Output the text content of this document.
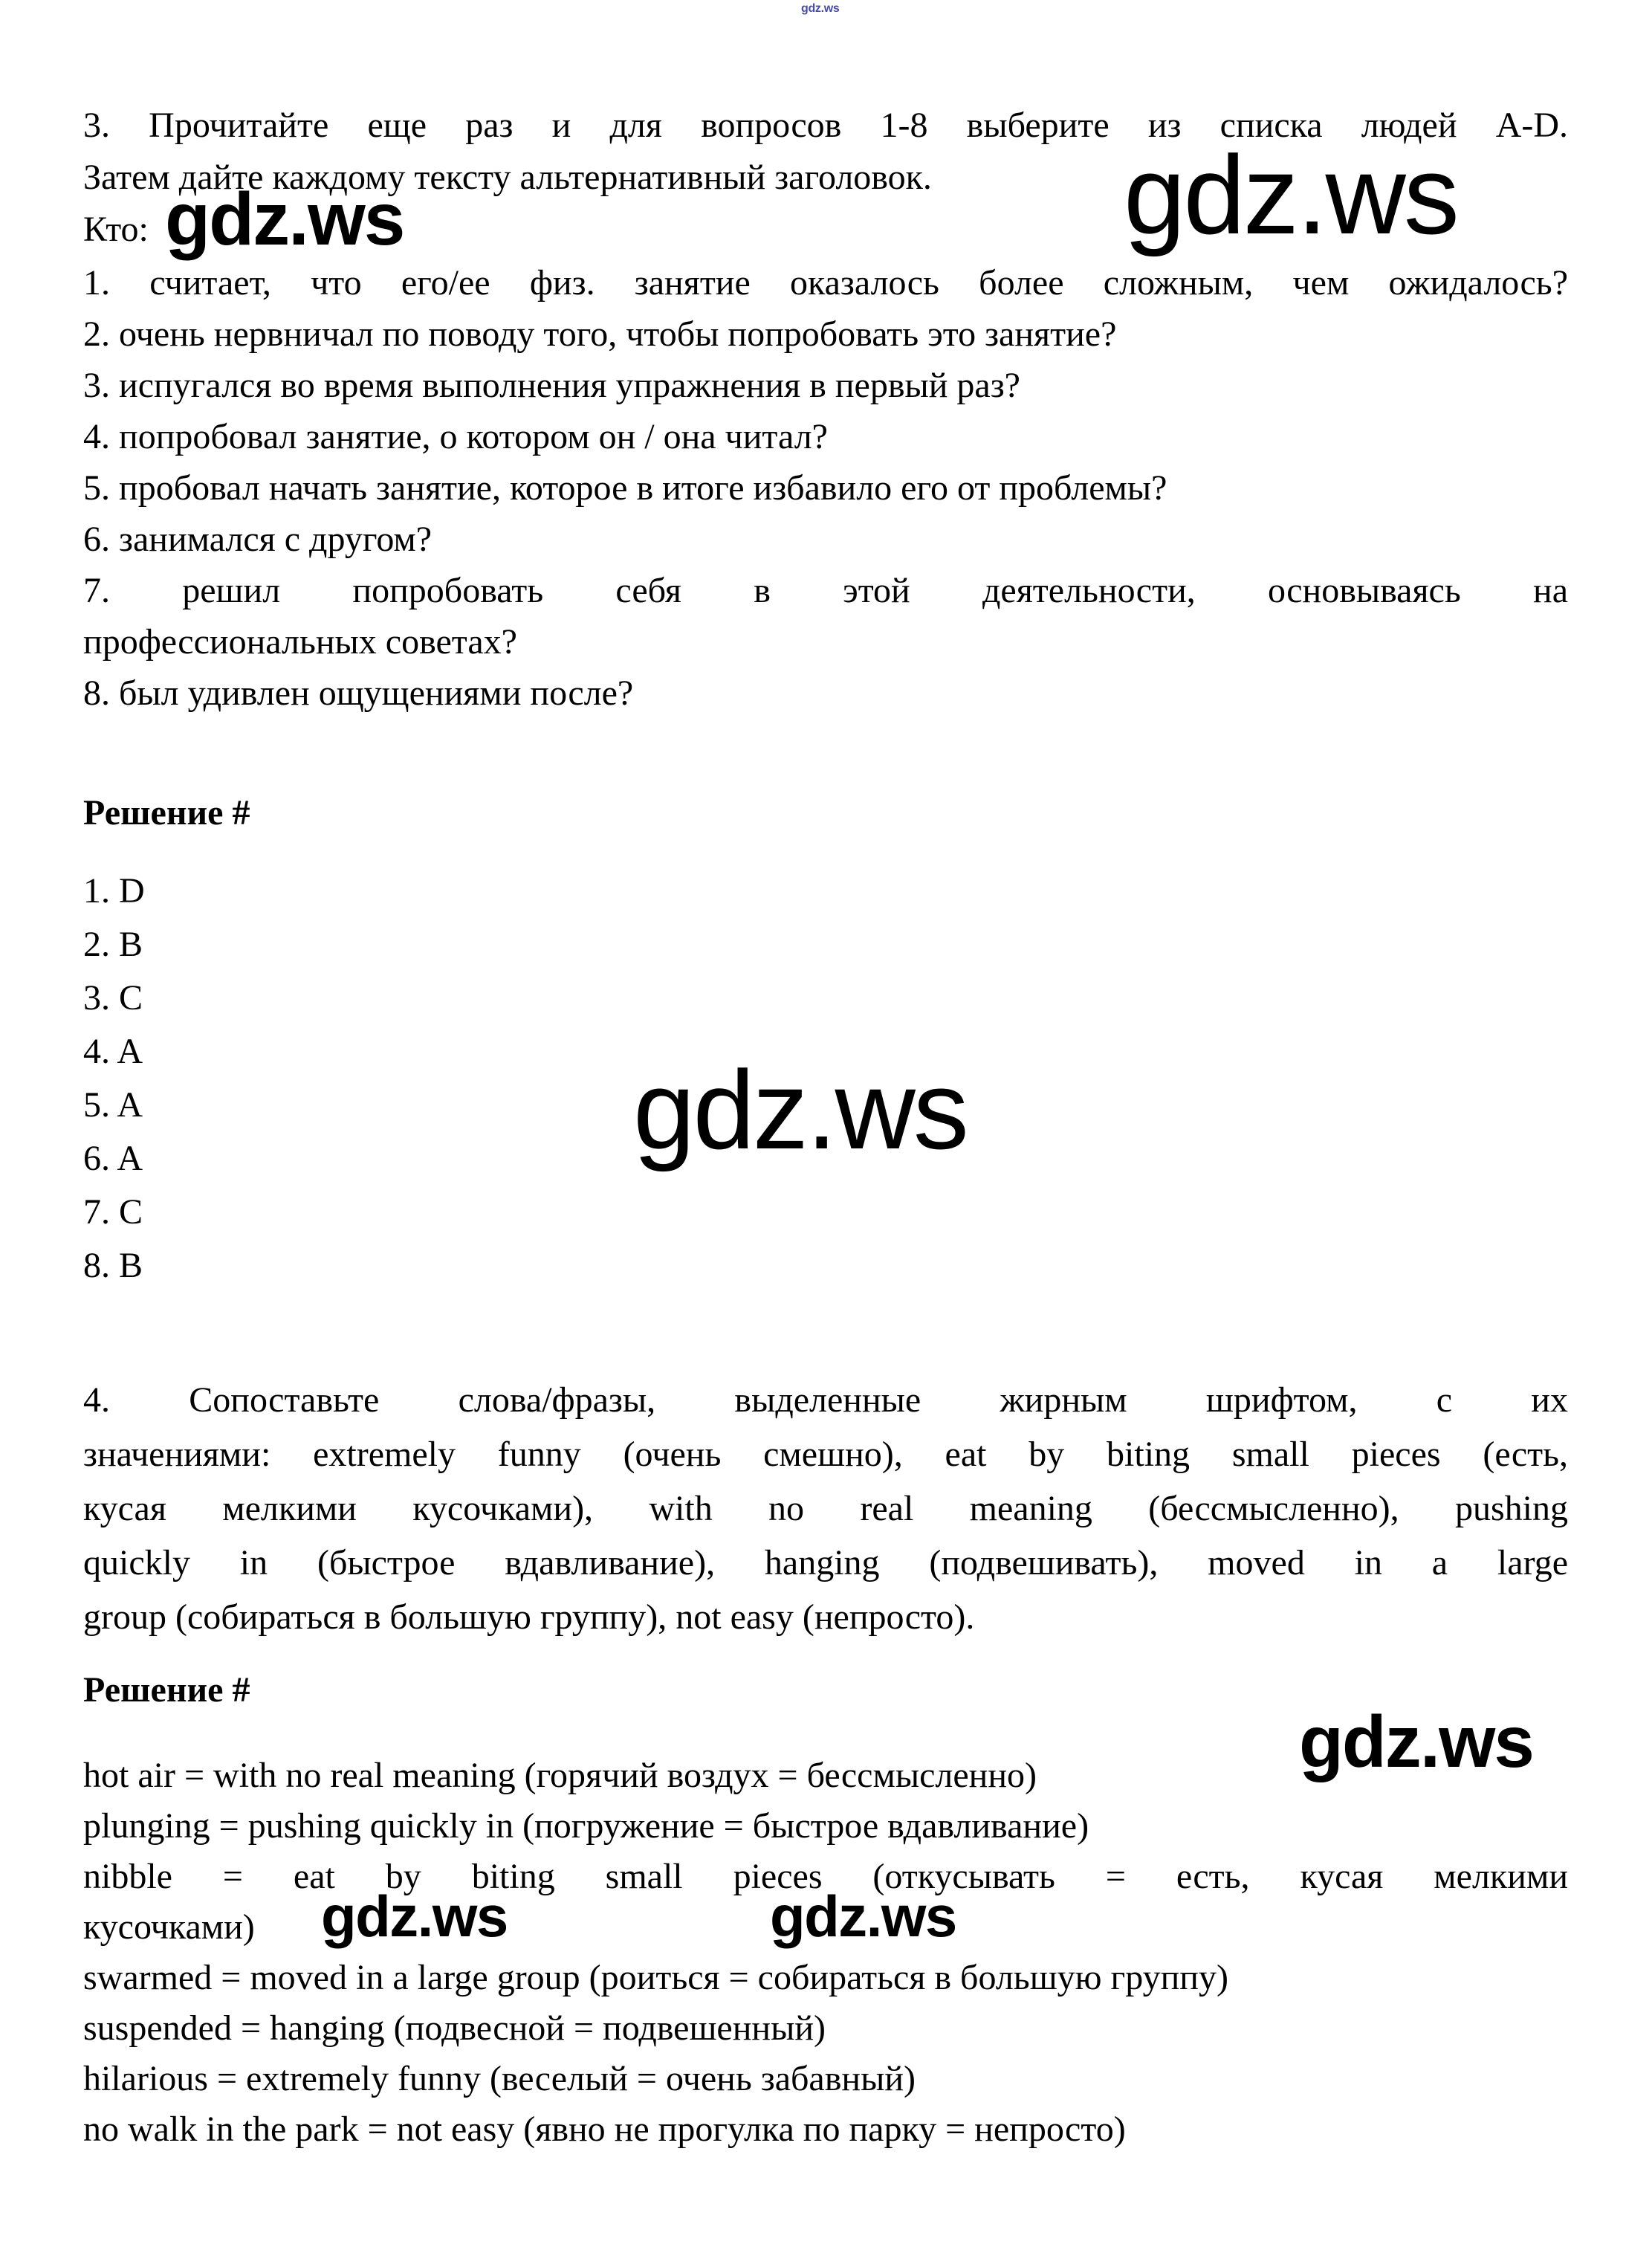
gdz.ws
gdz.ws
gdz.ws
gdz.ws
gdz.ws
gdz.ws	gdz.ws
3. Прочитайте еще раз и для вопросов 1-8 выберите из списка людей A-D.
Затем дайте каждому тексту альтернативный заголовок.
Кто:
1. считает, что его/ее физ. занятие оказалось более сложным, чем ожидалось?
2. очень нервничал по поводу того, чтобы попробовать это занятие?
3. испугался во время выполнения упражнения в первый раз?
4. попробовал занятие, о котором он / она читал?
5. пробовал начать занятие, которое в итоге избавило его от проблемы?
6. занимался с другом?
7. решил попробовать себя в этой деятельности, основываясь на
профессиональных советах?
8. был удивлен ощущениями после?
Решение #
1. D
2. B
3. C
4. A
5. A
6. A
7. C
8. B
4. Сопоставьте слова/фразы, выделенные жирным шрифтом, с их
значениями: extremely funny (очень смешно), eat by biting small pieces (есть,
кусая мелкими кусочками), with no real meaning (бессмысленно), pushing
quickly in (быстрое вдавливание), hanging (подвешивать), moved in a large
group (собираться в большую группу), not easy (непросто).
Решение #
hot air = with no real meaning (горячий воздух = бессмысленно)
plunging = pushing quickly in (погружение = быстрое вдавливание)
nibble = eat by biting small pieces (откусывать = есть, кусая мелкими
кусочками)
swarmed = moved in a large group (роиться = собираться в большую группу)
suspended = hanging (подвесной = подвешенный)
hilarious = extremely funny (веселый = очень забавный)
no walk in the park = not easy (явно не прогулка по парку = непросто)
